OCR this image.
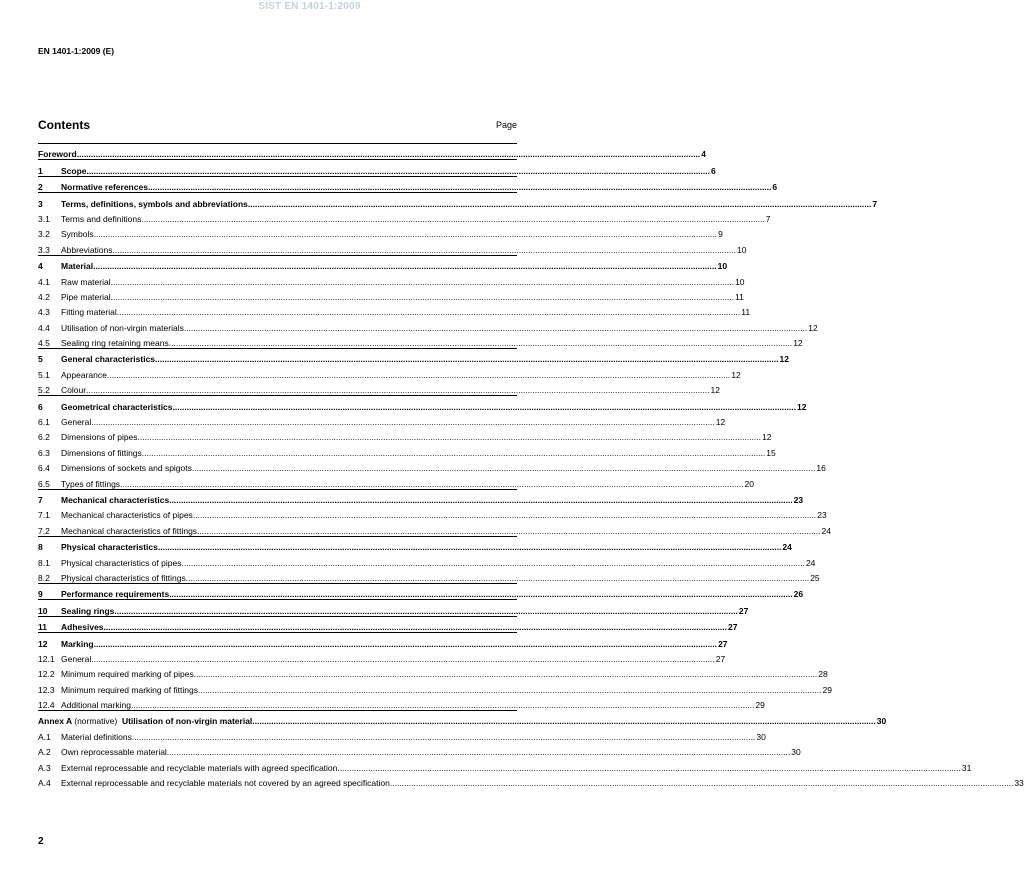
SIST EN 1401-1:2009
EN 1401-1:2009 (E)
Contents	Page
Foreword .....	4
1	Scope .....	6
2	Normative references .....	6
3	Terms, definitions, symbols and abbreviations .....	7
3.1	Terms and definitions .....	7
3.2	Symbols .....	9
3.3	Abbreviations .....	10
4	Material .....	10
4.1	Raw material .....	10
4.2	Pipe material .....	11
4.3	Fitting material .....	11
4.4	Utilisation of non-virgin materials .....	12
4.5	Sealing ring retaining means .....	12
5	General characteristics .....	12
5.1	Appearance .....	12
5.2	Colour .....	12
6	Geometrical characteristics .....	12
6.1	General .....	12
6.2	Dimensions of pipes .....	12
6.3	Dimensions of fittings .....	15
6.4	Dimensions of sockets and spigots .....	16
6.5	Types of fittings .....	20
7	Mechanical characteristics .....	23
7.1	Mechanical characteristics of pipes .....	23
7.2	Mechanical characteristics of fittings .....	24
8	Physical characteristics .....	24
8.1	Physical characteristics of pipes .....	24
8.2	Physical characteristics of fittings .....	25
9	Performance requirements .....	26
10	Sealing rings .....	27
11	Adhesives .....	27
12	Marking .....	27
12.1 General .....	27
12.2 Minimum required marking of pipes .....	28
12.3 Minimum required marking of fittings .....	29
12.4 Additional marking .....	29
Annex A (normative) Utilisation of non-virgin material .....	30
A.1	Material definitions .....	30
A.2	Own reprocessable material .....	30
A.3	External reprocessable and recyclable materials with agreed specification .....	31
A.4	External reprocessable and recyclable materials not covered by an agreed specification .....	33
2
